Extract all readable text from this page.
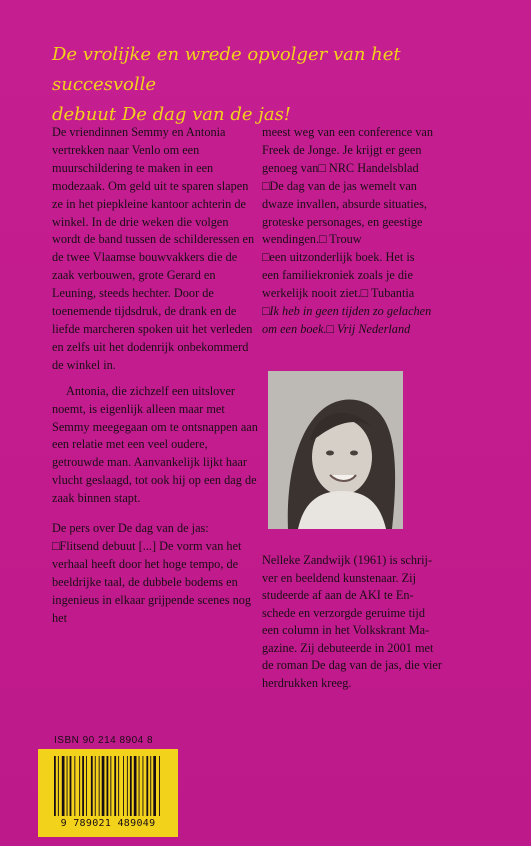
De vrolijke en wrede opvolger van het succesvolle
debuut De dag van de jas!

De vriendinnen Semmy en Antonia vertrekken naar Venlo om een muurschildering te maken in een modezaak. Om geld uit te sparen slapen ze in het piepkleine kantoor achterin de winkel. In de drie weken die volgen wordt de band tussen de schilderessen en de twee Vlaamse bouwvakkers die de zaak verbouwen, grote Gerard en Leuning, steeds hechter. Door de toenemende tijdsdruk, de drank en de liefde marcheren spoken uit het verleden en zelfs uit het dodenrijk onbekommerd de winkel in.

Antonia, die zichzelf een uitslover noemt, is eigenlijk alleen maar met Semmy meegegaan om te ontsnappen aan een relatie met een veel oudere, getrouwde man. Aanvankelijk lijkt haar vlucht geslaagd, tot ook hij op een dag de zaak binnen stapt.

De pers over De dag van de jas:

□Flitsend debuut [...] De vorm van het verhaal heeft door het hoge tempo, de beeldrijke taal, de dubbele bodems en ingenieus in elkaar grijpende scenes nog het

meest weg van een conference van
Freek de Jonge. Je krijgt er geen
genoeg van□ NRC Handelsblad
□De dag van de jas wemelt van
dwaze invallen, absurde situaties,
groteske personages, en geestige
wendingen.□ Trouw
□een uitzonderlijk boek. Het is
een familiekroniek zoals je die
werkelijk nooit ziet.□ Tubantia
□Ik heb in geen tijden zo gelachen
om een boek.□ Vrij Nederland
Nelleke Zandwijk (1961) is schrij-
ver en beeldend kunstenaar. Zij
studeerde af aan de AKI te En-
schede en verzorgde geruime tijd
een column in het Volkskrant Ma-
gazine. Zij debuteerde in 2001 met
de roman De dag van de jas, die vier
herdrukken kreeg.
ISBN 90 214 8904 8
9 789021 489049
